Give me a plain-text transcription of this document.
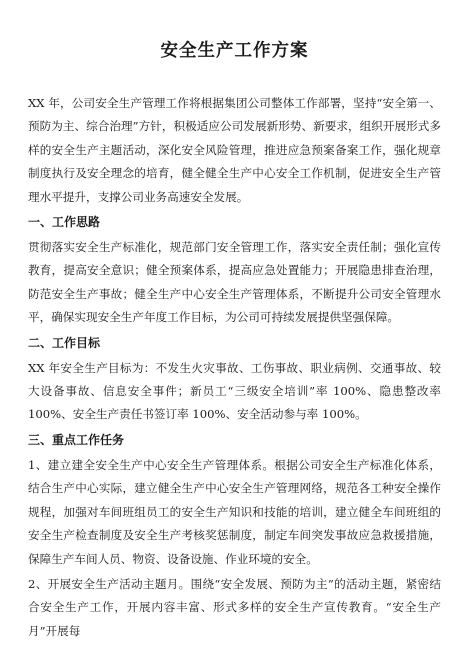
安全生产工作方案

XX 年，公司安全生产管理工作将根据集团公司整体工作部署，坚持“安全第一、预防为主、综合治理”方针，积极适应公司发展新形势、新要求，组织开展形式多样的安全生产主题活动，深化安全风险管理，推进应急预案备案工作，强化规章制度执行及安全理念的培育，健全健全生产中心安全工作机制，促进安全生产管理水平提升，支撑公司业务高速安全发展。

一、工作思路

贯彻落实安全生产标准化，规范部门安全管理工作，落实安全责任制；强化宣传教育，提高安全意识；健全预案体系，提高应急处置能力；开展隐患排查治理，防范安全生产事故；健全生产中心安全生产管理体系，不断提升公司安全管理水平，确保实现安全生产年度工作目标，为公司可持续发展提供坚强保障。

二、工作目标

XX 年安全生产目标为：不发生火灾事故、工伤事故、职业病例、交通事故、较大设备事故、信息安全事件；新员工“三级安全培训”率 100%、隐患整改率 100%、安全生产责任书签订率 100%、安全活动参与率 100%。

三、重点工作任务

1、建立建全安全生产中心安全生产管理体系。根据公司安全生产标准化体系，结合生产中心实际，建立健全生产中心安全生产管理网络，规范各工种安全操作规程，加强对车间班组员工的安全生产知识和技能的培训，建立健全车间班组的安全生产检查制度及安全生产考核奖惩制度，制定车间突发事故应急救援措施，保障生产车间人员、物资、设备设施、作业环境的安全。

2、开展安全生产活动主题月。围绕“安全发展、预防为主”的活动主题，紧密结合安全生产工作，开展内容丰富、形式多样的安全生产宣传教育。“安全生产月”开展每
